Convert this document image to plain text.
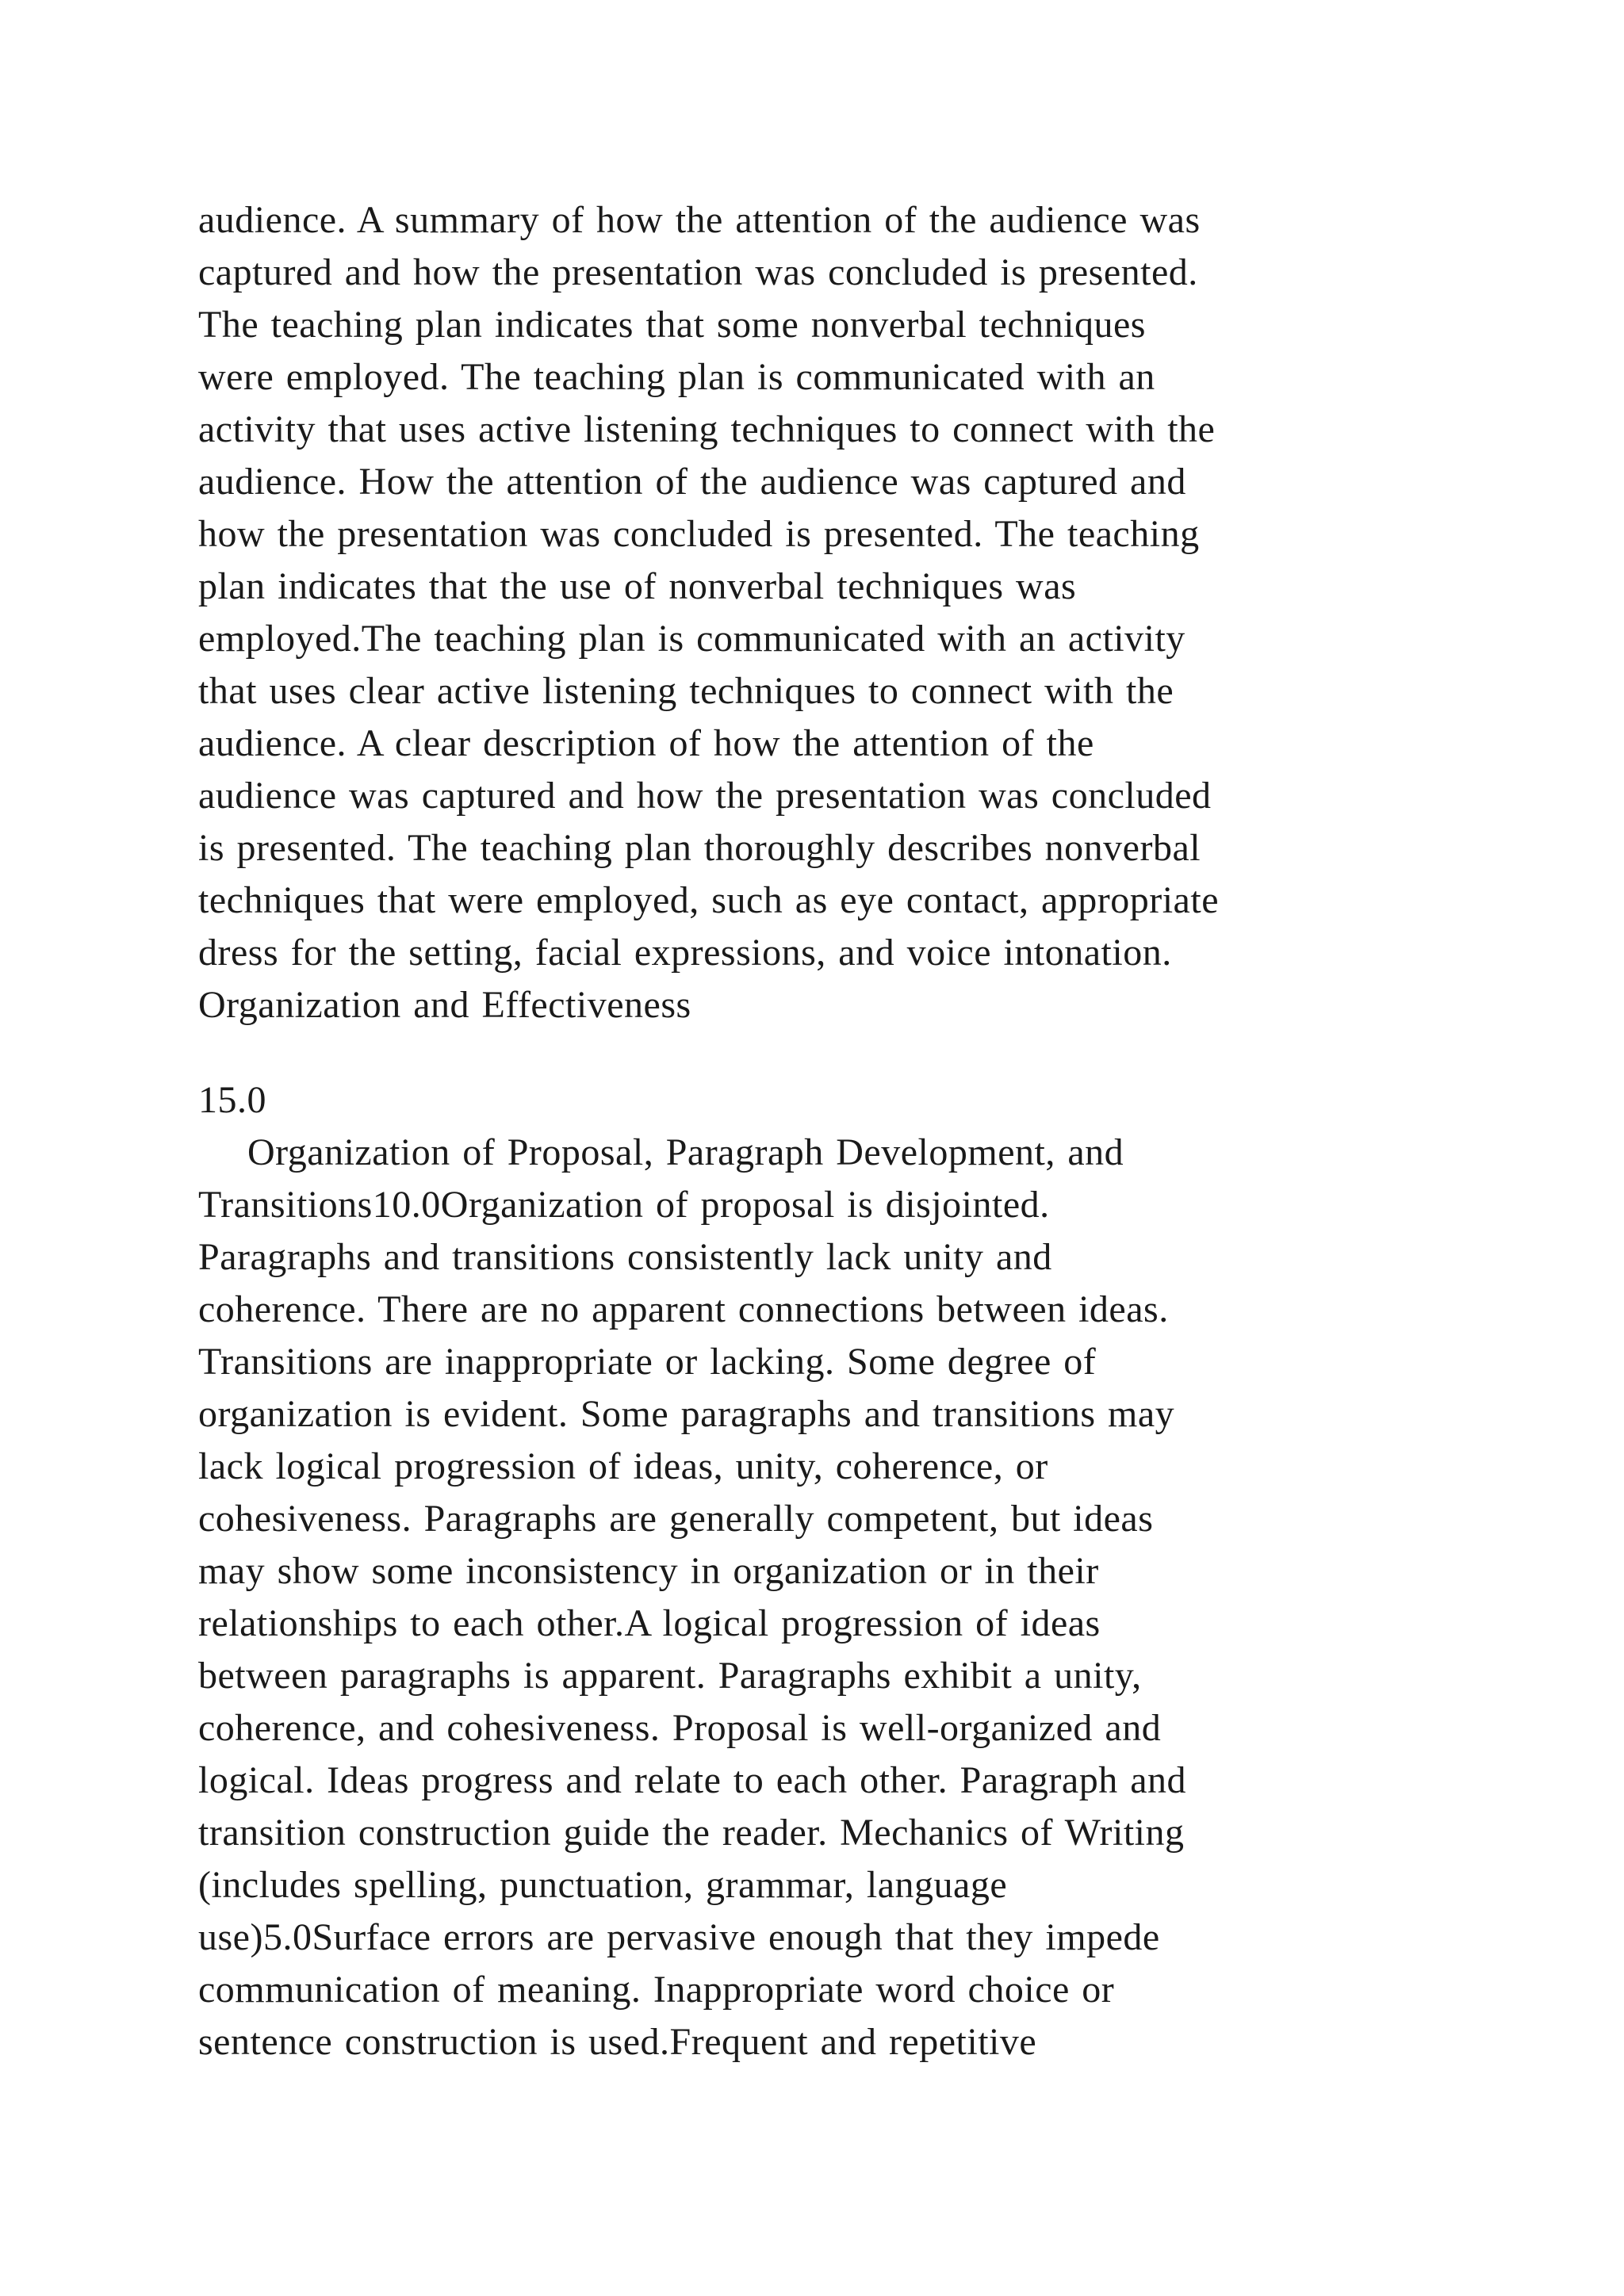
audience. A summary of how the attention of the audience was
captured and how the presentation was concluded is presented.
The teaching plan indicates that some nonverbal techniques
were employed. The teaching plan is communicated with an
activity that uses active listening techniques to connect with the
audience. How the attention of the audience was captured and
how the presentation was concluded is presented. The teaching
plan indicates that the use of nonverbal techniques was
employed.The teaching plan is communicated with an activity
that uses clear active listening techniques to connect with the
audience. A clear description of how the attention of the
audience was captured and how the presentation was concluded
is presented. The teaching plan thoroughly describes nonverbal
techniques that were employed, such as eye contact, appropriate
dress for the setting, facial expressions, and voice intonation.
Organization and Effectiveness

15.0

Organization of Proposal, Paragraph Development, and
Transitions10.0Organization of proposal is disjointed.
Paragraphs and transitions consistently lack unity and
coherence. There are no apparent connections between ideas.
Transitions are inappropriate or lacking. Some degree of
organization is evident. Some paragraphs and transitions may
lack logical progression of ideas, unity, coherence, or
cohesiveness. Paragraphs are generally competent, but ideas
may show some inconsistency in organization or in their
relationships to each other.A logical progression of ideas
between paragraphs is apparent. Paragraphs exhibit a unity,
coherence, and cohesiveness. Proposal is well-organized and
logical. Ideas progress and relate to each other. Paragraph and
transition construction guide the reader. Mechanics of Writing
(includes spelling, punctuation, grammar, language
use)5.0Surface errors are pervasive enough that they impede
communication of meaning. Inappropriate word choice or
sentence construction is used.Frequent and repetitive
